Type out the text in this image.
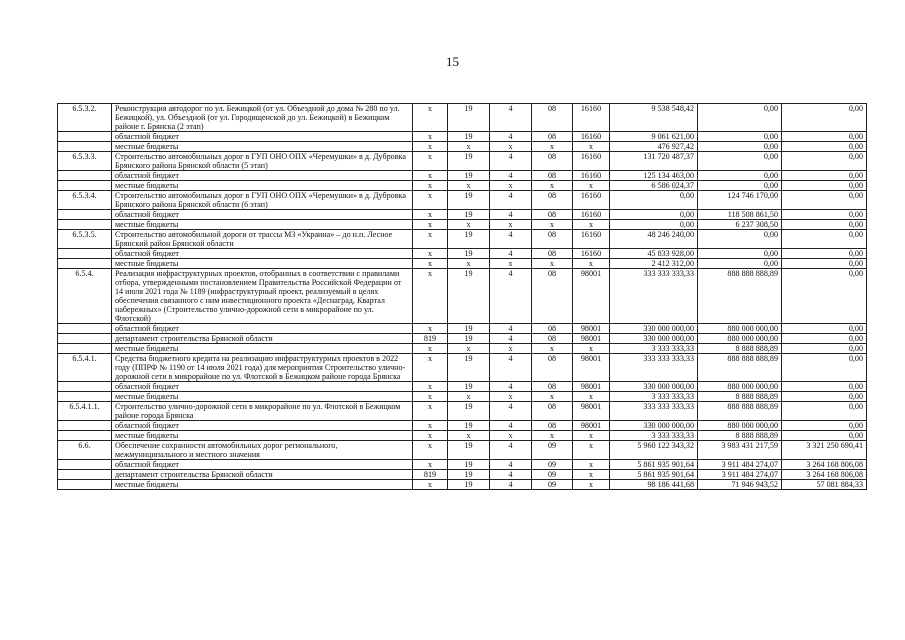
15
6.5.3.2.	Реконструкция автодорог по ул. Бежицкой (от ул. Объездной до дома № 280 по ул. Бежицкой), ул. Объездной (от ул. Городищенской до ул. Бежицкой) в Бежицком районе г. Брянска (2 этап)	x	19	4	08	16160	9 538 548,42	0,00	0,00
	областной бюджет	x	19	4	08	16160	9 061 621,00	0,00	0,00
	местные бюджеты	x	x	x	x	x	476 927,42	0,00	0,00
6.5.3.3.	Строительство автомобильных дорог в ГУП ОНО ОПХ «Черемушки» в д. Дубровка Брянского района Брянской области (5 этап)	x	19	4	08	16160	131 720 487,37	0,00	0,00
	областной бюджет	x	19	4	08	16160	125 134 463,00	0,00	0,00
	местные бюджеты	x	x	x	x	x	6 586 024,37	0,00	0,00
6.5.3.4.	Строительство автомобильных дорог в ГУП ОНО ОПХ «Черемушки» в д. Дубровка Брянского района Брянской области (6 этап)	x	19	4	08	16160	0,00	124 746 170,00	0,00
	областной бюджет	x	19	4	08	16160	0,00	118 508 861,50	0,00
	местные бюджеты	x	x	x	x	x	0,00	6 237 308,50	0,00
6.5.3.5.	Строительство автомобильной дороги от трассы М3 «Украина» – до н.п. Лесное Брянский район Брянской области	x	19	4	08	16160	48 246 240,00	0,00	0,00
	областной бюджет	x	19	4	08	16160	45 833 928,00	0,00	0,00
	местные бюджеты	x	x	x	x	x	2 412 312,00	0,00	0,00
6.5.4.	Реализация инфраструктурных проектов, отобранных в соответствии с правилами отбора, утвержденными постановлением Правительства Российской Федерации от 14 июля 2021 года № 1189 (инфраструктурный проект, реализуемый в целях обеспечения связанного с ним инвестиционного проекта «Деснаград, Квартал набережных» (Строительство улично-дорожной сети в микрорайоне по ул. Флотской)	x	19	4	08	98001	333 333 333,33	888 888 888,89	0,00
	областной бюджет	x	19	4	08	98001	330 000 000,00	880 000 000,00	0,00
	департамент строительства Брянской области	819	19	4	08	98001	330 000 000,00	880 000 000,00	0,00
	местные бюджеты	x	x	x	x	x	3 333 333,33	8 888 888,89	0,00
6.5.4.1.	Средства бюджетного кредита на реализацию инфраструктурных проектов в 2022 году (ППРФ № 1190 от 14 июля 2021 года) для мероприятия Строительство улично-дорожной сети в микрорайоне по ул. Флотской в Бежицком районе города Брянска	x	19	4	08	98001	333 333 333,33	888 888 888,89	0,00
	областной бюджет	x	19	4	08	98001	330 000 000,00	880 000 000,00	0,00
	местные бюджеты	x	x	x	x	x	3 333 333,33	8 888 888,89	0,00
6.5.4.1.1.	Строительство улично-дорожной сети в микрорайоне по ул. Флотской в Бежицком районе города Брянска	x	19	4	08	98001	333 333 333,33	888 888 888,89	0,00
	областной бюджет	x	19	4	08	98001	330 000 000,00	880 000 000,00	0,00
	местные бюджеты	x	x	x	x	x	3 333 333,33	8 888 888,89	0,00
6.6.	Обеспечение сохранности автомобильных дорог регионального, межмуниципального и местного значения	x	19	4	09	x	5 960 122 343,32	3 983 431 217,59	3 321 250 690,41
	областной бюджет	x	19	4	09	x	5 861 935 901,64	3 911 484 274,07	3 264 168 806,08
	департамент строительства Брянской области	819	19	4	09	x	5 861 935 901,64	3 911 484 274,07	3 264 168 806,08
	местные бюджеты	x	19	4	09	x	98 186 441,68	71 946 943,52	57 081 884,33
